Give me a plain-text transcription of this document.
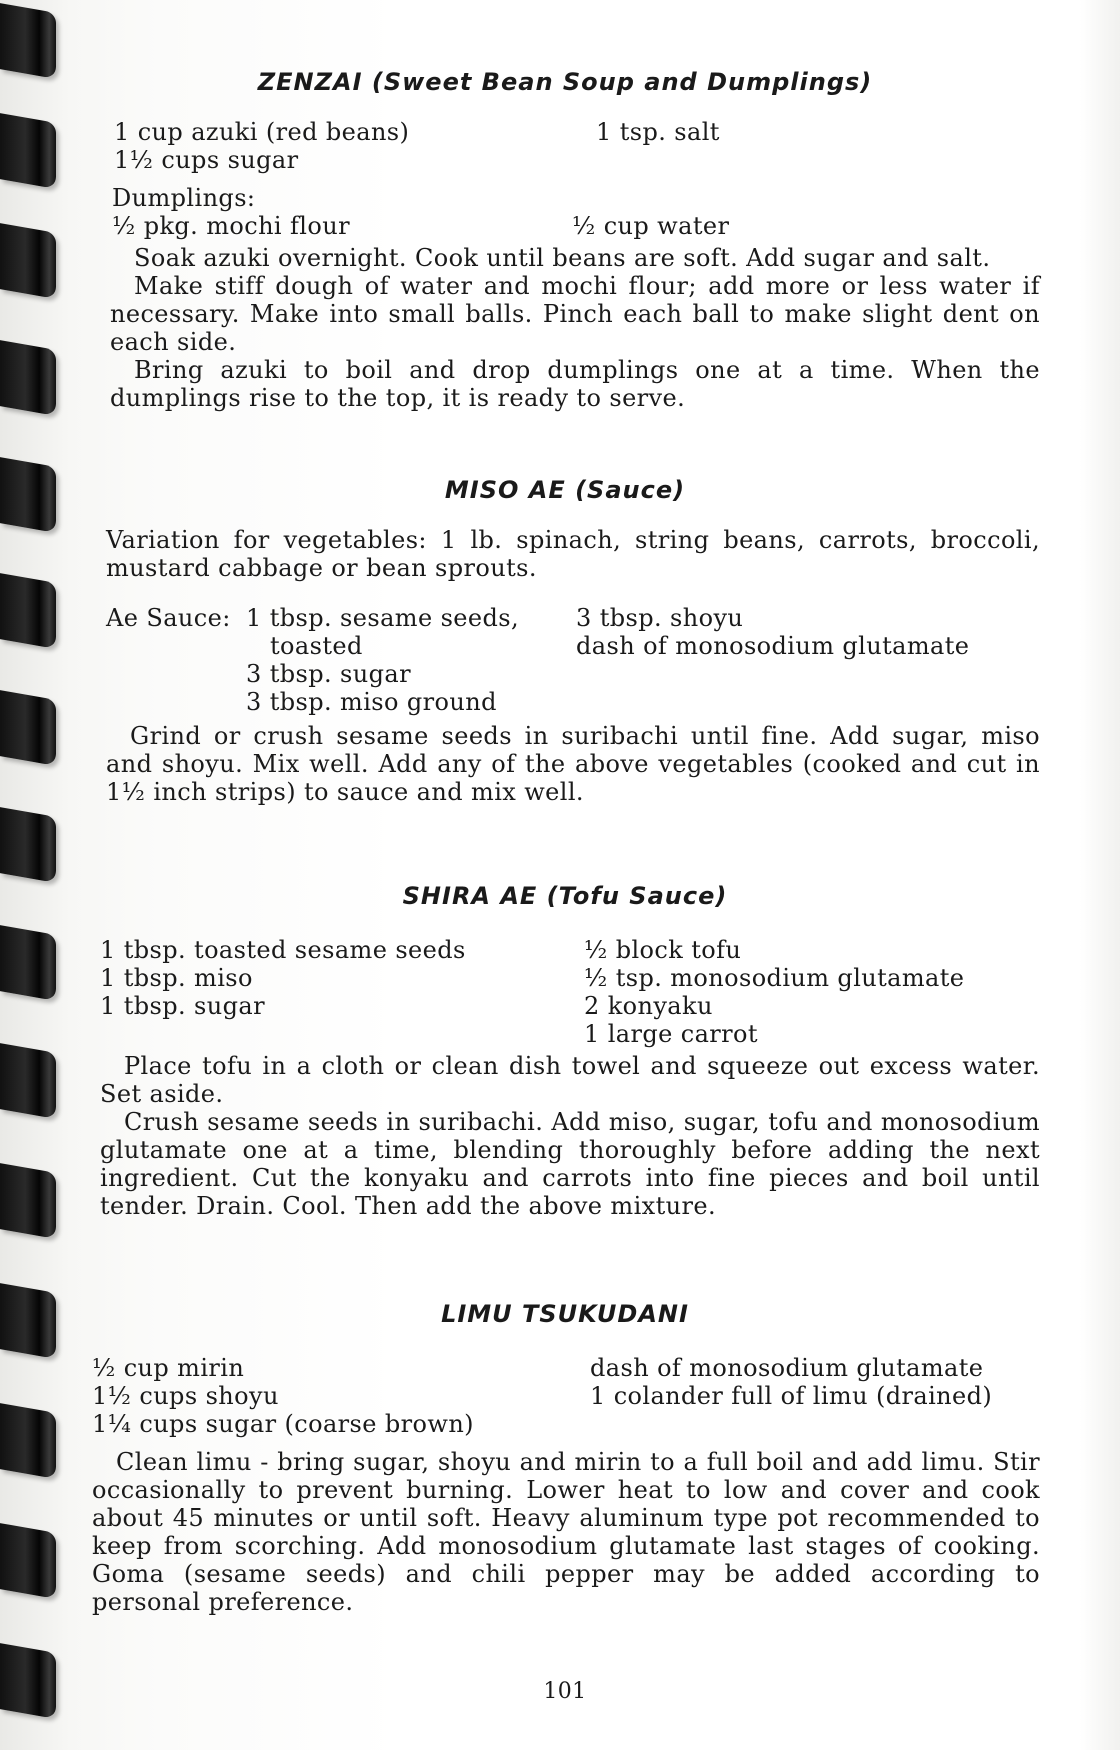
ZENZAI (Sweet Bean Soup and Dumplings)
1 cup azuki (red beans)
1½ cups sugar
1 tsp. salt
Dumplings:
½ pkg. mochi flour	½ cup water

Soak azuki overnight. Cook until beans are soft. Add sugar and salt.

Make stiff dough of water and mochi flour; add more or less water if necessary. Make into small balls. Pinch each ball to make slight dent on each side.

Bring azuki to boil and drop dumplings one at a time. When the dumplings rise to the top, it is ready to serve.

MISO AE (Sauce)

Variation for vegetables: 1 lb. spinach, string beans, carrots, broccoli, mustard cabbage or bean sprouts.

Ae Sauce: 1 tbsp. sesame seeds,
toasted
3 tbsp. sugar
3 tbsp. miso ground
3 tbsp. shoyu
dash of monosodium glutamate

Grind or crush sesame seeds in suribachi until fine. Add sugar, miso and shoyu. Mix well. Add any of the above vegetables (cooked and cut in 1½ inch strips) to sauce and mix well.

SHIRA AE (Tofu Sauce)
1 tbsp. toasted sesame seeds
1 tbsp. miso
1 tbsp. sugar
½ block tofu
½ tsp. monosodium glutamate
2 konyaku
1 large carrot

Place tofu in a cloth or clean dish towel and squeeze out excess water. Set aside.

Crush sesame seeds in suribachi. Add miso, sugar, tofu and monosodium glutamate one at a time, blending thoroughly before adding the next ingredient. Cut the konyaku and carrots into fine pieces and boil until tender. Drain. Cool. Then add the above mixture.

LIMU TSUKUDANI
½ cup mirin
1½ cups shoyu
1¼ cups sugar (coarse brown)
dash of monosodium glutamate
1 colander full of limu (drained)

Clean limu - bring sugar, shoyu and mirin to a full boil and add limu. Stir occasionally to prevent burning. Lower heat to low and cover and cook about 45 minutes or until soft. Heavy aluminum type pot recommended to keep from scorching. Add monosodium glutamate last stages of cooking. Goma (sesame seeds) and chili pepper may be added according to personal preference.

101
